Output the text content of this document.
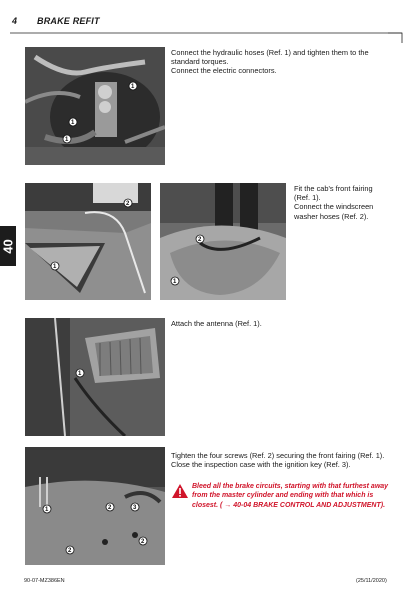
4 BRAKE REFIT
40
1
1
1
Connect the hydraulic hoses (Ref. 1) and tighten them to the
standard torques.
Connect the electric connectors.
2
1
2
1
Fit the cab's front fairing
(Ref. 1).
Connect the windscreen
washer hoses (Ref. 2).
1
Attach the antenna (Ref. 1).
1	2	3
2
2
Tighten the four screws (Ref. 2) securing the front fairing (Ref. 1).
Close the inspection case with the ignition key (Ref. 3).
Bleed all the brake circuits, starting with that furthest away
from the master cylinder and ending with that which is
closest. ( → 40-04 BRAKE CONTROL AND ADJUSTMENT).
90-07-MZ386EN	(25/11/2020)
